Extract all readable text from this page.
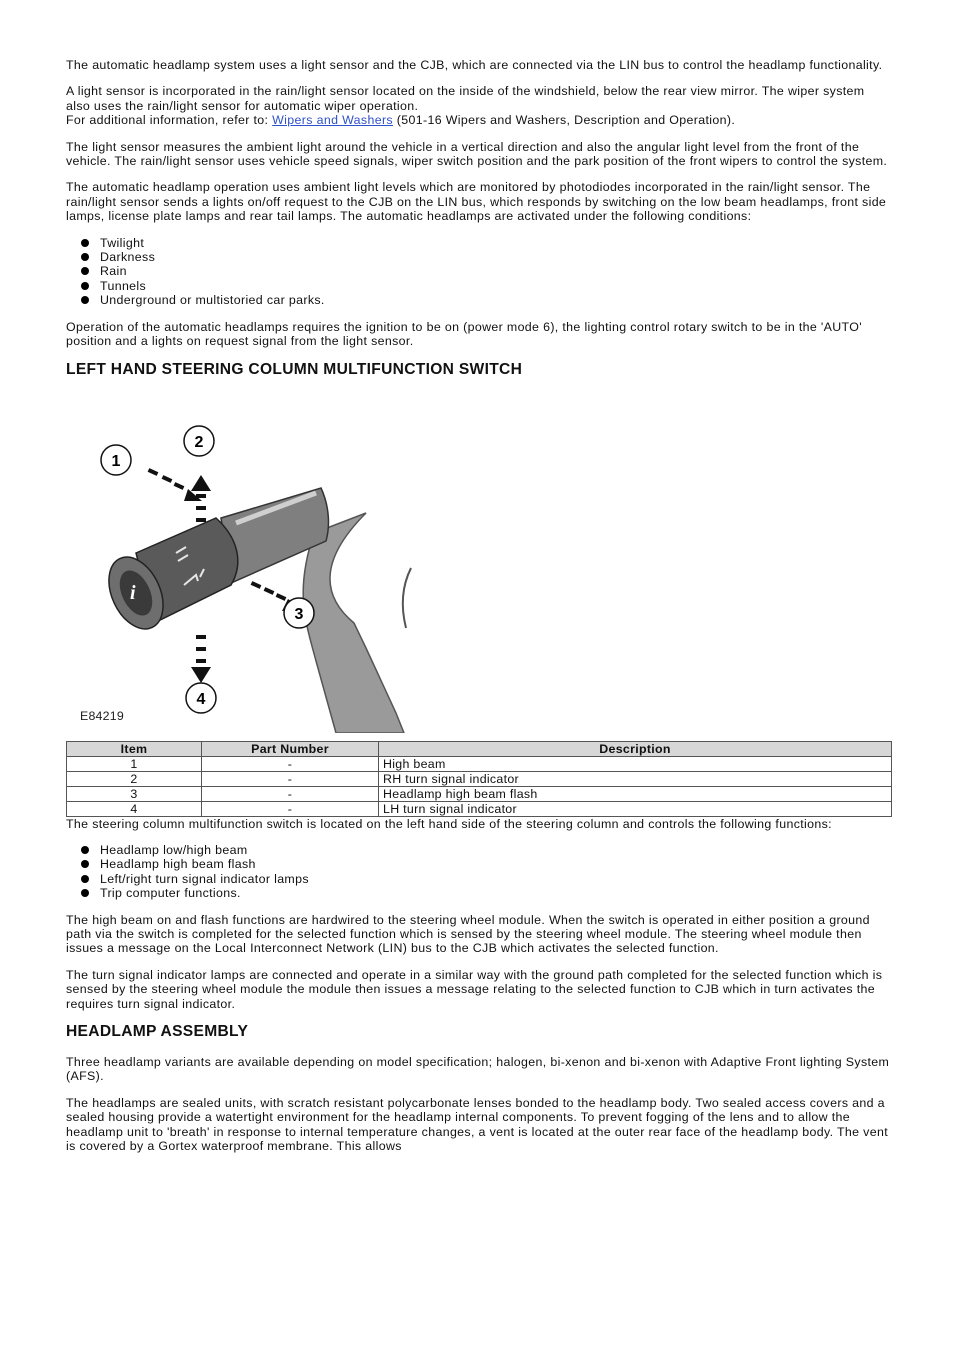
The automatic headlamp system uses a light sensor and the CJB, which are connected via the LIN bus to control the headlamp functionality.

A light sensor is incorporated in the rain/light sensor located on the inside of the windshield, below the rear view mirror. The wiper system also uses the rain/light sensor for automatic wiper operation.
For additional information, refer to: Wipers and Washers (501-16 Wipers and Washers, Description and Operation).

The light sensor measures the ambient light around the vehicle in a vertical direction and also the angular light level from the front of the vehicle. The rain/light sensor uses vehicle speed signals, wiper switch position and the park position of the front wipers to control the system.

The automatic headlamp operation uses ambient light levels which are monitored by photodiodes incorporated in the rain/light sensor. The rain/light sensor sends a lights on/off request to the CJB on the LIN bus, which responds by switching on the low beam headlamps, front side lamps, license plate lamps and rear tail lamps. The automatic headlamps are activated under the following conditions:

Twilight
Darkness
Rain
Tunnels
Underground or multistoried car parks.

Operation of the automatic headlamps requires the ignition to be on (power mode 6), the lighting control rotary switch to be in the 'AUTO' position and a lights on request signal from the light sensor.

LEFT HAND STEERING COLUMN MULTIFUNCTION SWITCH
i
1
2
3
4
E84219
Item	Part Number	Description
1	-	High beam
2	-	RH turn signal indicator
3	-	Headlamp high beam flash
4	-	LH turn signal indicator

The steering column multifunction switch is located on the left hand side of the steering column and controls the following functions:

Headlamp low/high beam
Headlamp high beam flash
Left/right turn signal indicator lamps
Trip computer functions.

The high beam on and flash functions are hardwired to the steering wheel module. When the switch is operated in either position a ground path via the switch is completed for the selected function which is sensed by the steering wheel module. The steering wheel module then issues a message on the Local Interconnect Network (LIN) bus to the CJB which activates the selected function.

The turn signal indicator lamps are connected and operate in a similar way with the ground path completed for the selected function which is sensed by the steering wheel module the module then issues a message relating to the selected function to CJB which in turn activates the requires turn signal indicator.

HEADLAMP ASSEMBLY

Three headlamp variants are available depending on model specification; halogen, bi-xenon and bi-xenon with Adaptive Front lighting System (AFS).

The headlamps are sealed units, with scratch resistant polycarbonate lenses bonded to the headlamp body. Two sealed access covers and a sealed housing provide a watertight environment for the headlamp internal components. To prevent fogging of the lens and to allow the headlamp unit to 'breath' in response to internal temperature changes, a vent is located at the outer rear face of the headlamp body. The vent is covered by a Gortex waterproof membrane. This allows
